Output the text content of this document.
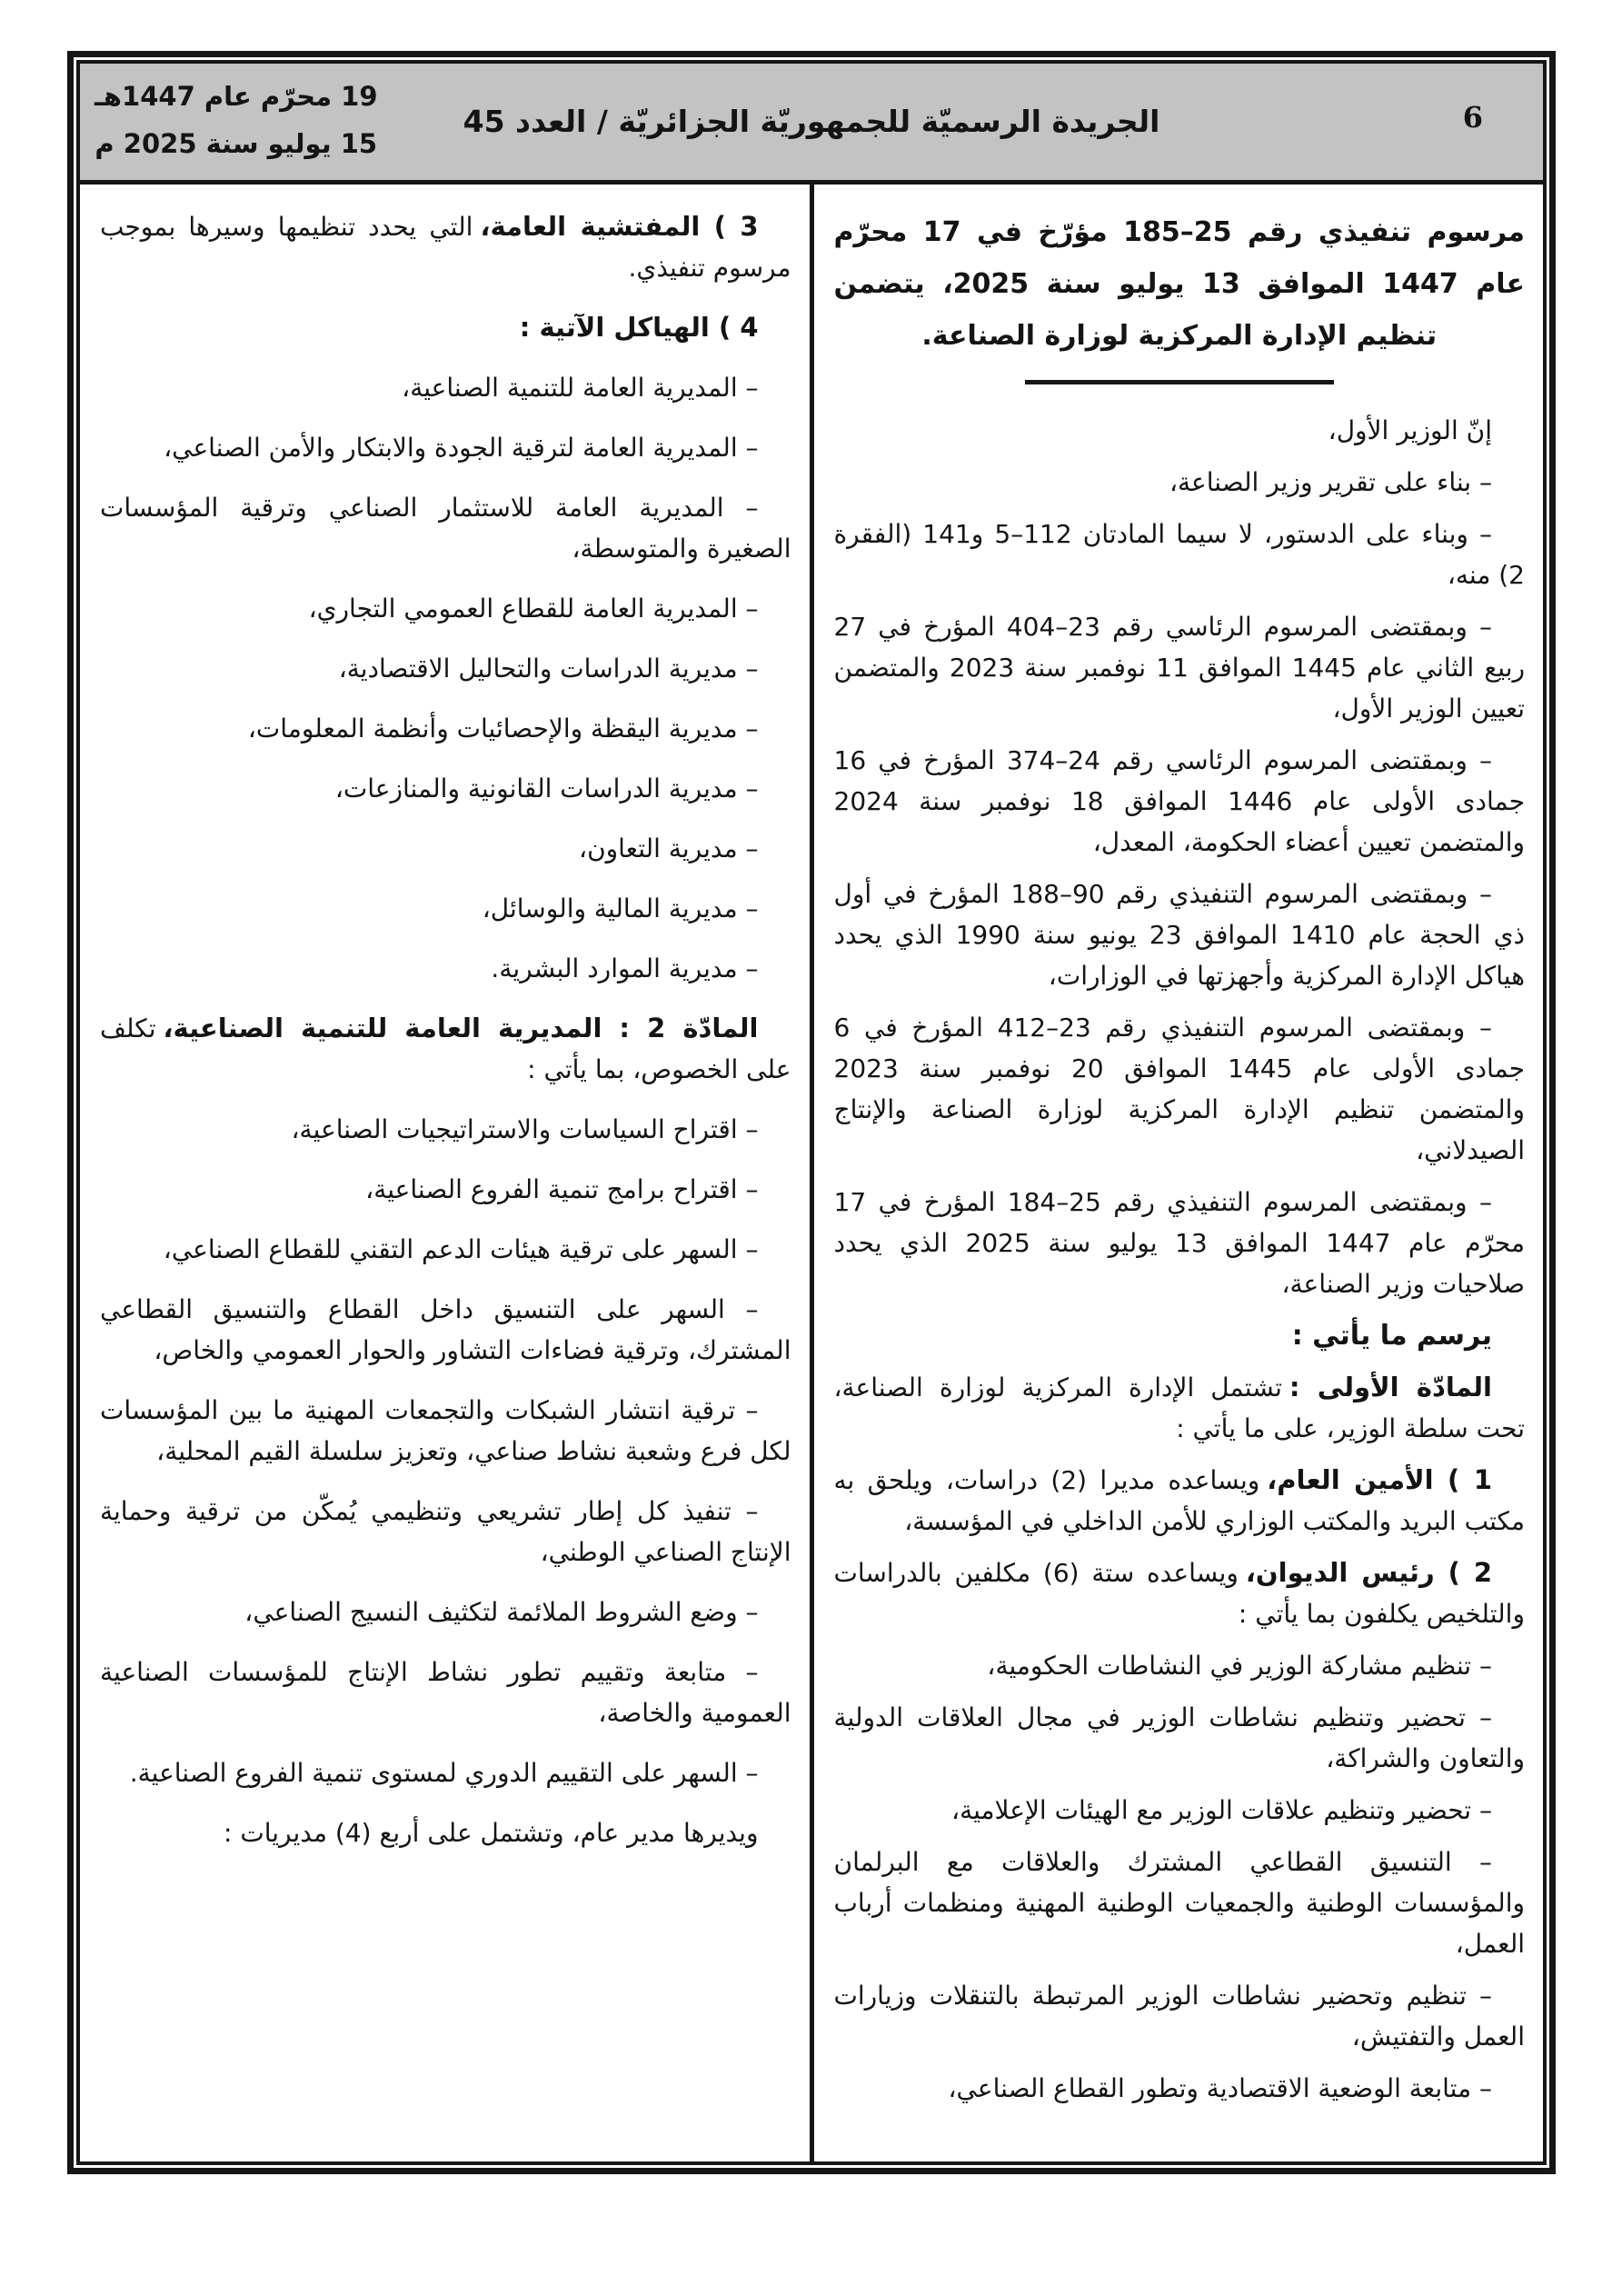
19 محرّم عام 1447هـ
15 يوليو سنة 2025 م
الجريدة الرسميّة للجمهوريّة الجزائريّة / العدد 45	6

مرسوم تنفيذي رقم 25–185 مؤرّخ في 17 محرّم عام 1447 الموافق 13 يوليو سنة 2025، يتضمن تنظيم الإدارة المركزية لوزارة الصناعة.

إنّ الوزير الأول،

– بناء على تقرير وزير الصناعة،

– وبناء على الدستور، لا سيما المادتان 112–5 و141 (الفقرة 2) منه،

– وبمقتضى المرسوم الرئاسي رقم 23–404 المؤرخ في 27 ربيع الثاني عام 1445 الموافق 11 نوفمبر سنة 2023 والمتضمن تعيين الوزير الأول،

– وبمقتضى المرسوم الرئاسي رقم 24–374 المؤرخ في 16 جمادى الأولى عام 1446 الموافق 18 نوفمبر سنة 2024 والمتضمن تعيين أعضاء الحكومة، المعدل،

– وبمقتضى المرسوم التنفيذي رقم 90–188 المؤرخ في أول ذي الحجة عام 1410 الموافق 23 يونيو سنة 1990 الذي يحدد هياكل الإدارة المركزية وأجهزتها في الوزارات،

– وبمقتضى المرسوم التنفيذي رقم 23–412 المؤرخ في 6 جمادى الأولى عام 1445 الموافق 20 نوفمبر سنة 2023 والمتضمن تنظيم الإدارة المركزية لوزارة الصناعة والإنتاج الصيدلاني،

– وبمقتضى المرسوم التنفيذي رقم 25–184 المؤرخ في 17 محرّم عام 1447 الموافق 13 يوليو سنة 2025 الذي يحدد صلاحيات وزير الصناعة،

يرسم ما يأتي :

المادّة الأولى :تشتمل الإدارة المركزية لوزارة الصناعة، تحت سلطة الوزير، على ما يأتي :

1 ) الأمين العام،ويساعده مديرا (2) دراسات، ويلحق به مكتب البريد والمكتب الوزاري للأمن الداخلي في المؤسسة،

2 ) رئيس الديوان،ويساعده ستة (6) مكلفين بالدراسات والتلخيص يكلفون بما يأتي :

– تنظيم مشاركة الوزير في النشاطات الحكومية،

– تحضير وتنظيم نشاطات الوزير في مجال العلاقات الدولية والتعاون والشراكة،

– تحضير وتنظيم علاقات الوزير مع الهيئات الإعلامية،

– التنسيق القطاعي المشترك والعلاقات مع البرلمان والمؤسسات الوطنية والجمعيات الوطنية المهنية ومنظمات أرباب العمل،

– تنظيم وتحضير نشاطات الوزير المرتبطة بالتنقلات وزيارات العمل والتفتيش،

– متابعة الوضعية الاقتصادية وتطور القطاع الصناعي،

3 ) المفتشية العامة،التي يحدد تنظيمها وسيرها بموجب مرسوم تنفيذي.

4 ) الهياكل الآتية :

– المديرية العامة للتنمية الصناعية،

– المديرية العامة لترقية الجودة والابتكار والأمن الصناعي،

– المديرية العامة للاستثمار الصناعي وترقية المؤسسات الصغيرة والمتوسطة،

– المديرية العامة للقطاع العمومي التجاري،

– مديرية الدراسات والتحاليل الاقتصادية،

– مديرية اليقظة والإحصائيات وأنظمة المعلومات،

– مديرية الدراسات القانونية والمنازعات،

– مديرية التعاون،

– مديرية المالية والوسائل،

– مديرية الموارد البشرية.

المادّة 2 : المديرية العامة للتنمية الصناعية،تكلف على الخصوص، بما يأتي :

– اقتراح السياسات والاستراتيجيات الصناعية،

– اقتراح برامج تنمية الفروع الصناعية،

– السهر على ترقية هيئات الدعم التقني للقطاع الصناعي،

– السهر على التنسيق داخل القطاع والتنسيق القطاعي المشترك، وترقية فضاءات التشاور والحوار العمومي والخاص،

– ترقية انتشار الشبكات والتجمعات المهنية ما بين المؤسسات لكل فرع وشعبة نشاط صناعي، وتعزيز سلسلة القيم المحلية،

– تنفيذ كل إطار تشريعي وتنظيمي يُمكّن من ترقية وحماية الإنتاج الصناعي الوطني،

– وضع الشروط الملائمة لتكثيف النسيج الصناعي،

– متابعة وتقييم تطور نشاط الإنتاج للمؤسسات الصناعية العمومية والخاصة،

– السهر على التقييم الدوري لمستوى تنمية الفروع الصناعية.

ويديرها مدير عام، وتشتمل على أربع (4) مديريات :
